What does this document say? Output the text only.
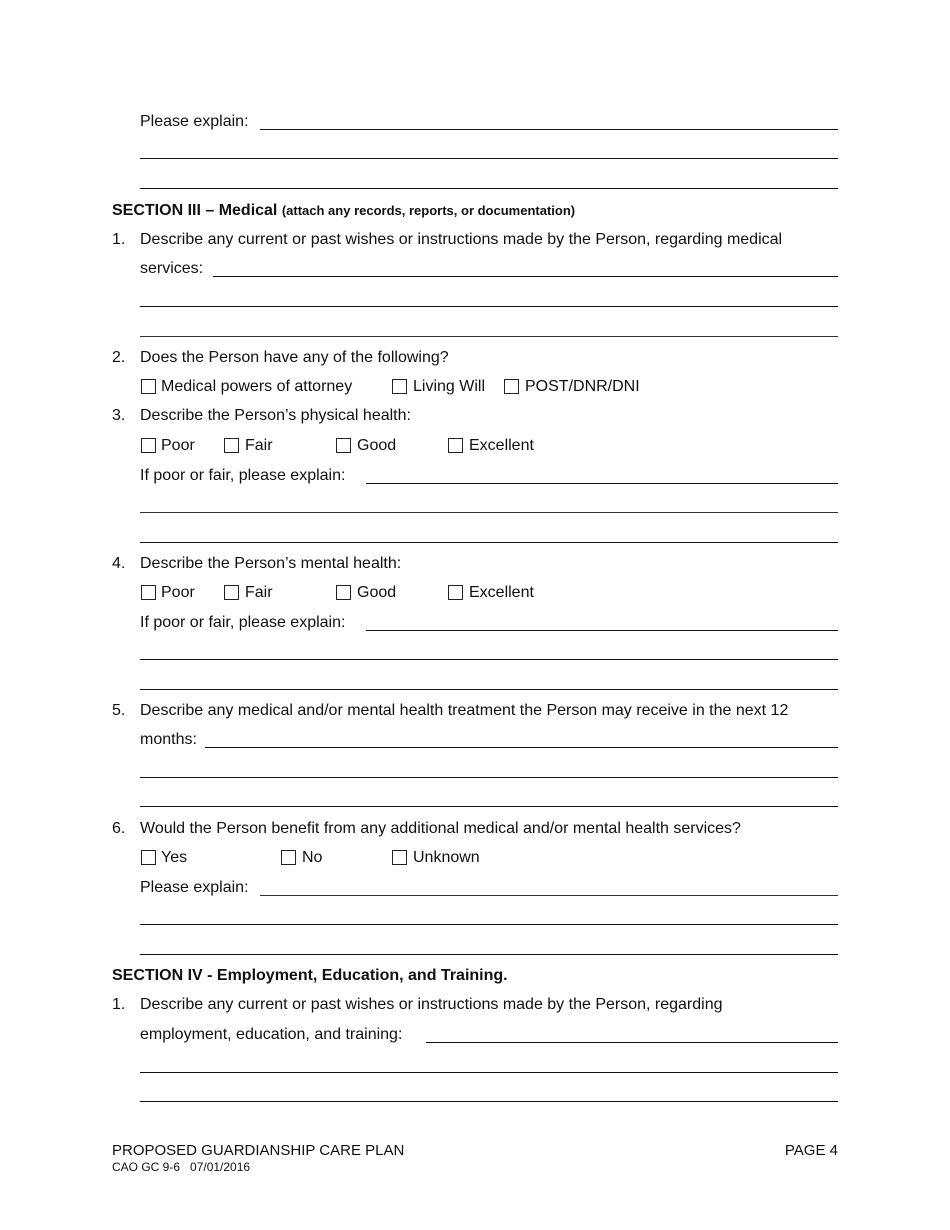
Please explain:
SECTION III – Medical (attach any records, reports, or documentation)
1. Describe any current or past wishes or instructions made by the Person, regarding medical
services:
2. Does the Person have any of the following?
Medical powers of attorney	Living Will POST/DNR/DNI
3. Describe the Person’s physical health:
Poor	Fair	Good	Excellent
If poor or fair, please explain:
4. Describe the Person’s mental health:
Poor	Fair	Good	Excellent
If poor or fair, please explain:
5. Describe any medical and/or mental health treatment the Person may receive in the next 12
months:
6. Would the Person benefit from any additional medical and/or mental health services?
Yes	No	Unknown
Please explain:
SECTION IV - Employment, Education, and Training.
1. Describe any current or past wishes or instructions made by the Person, regarding
employment, education, and training:
PROPOSED GUARDIANSHIP CARE PLAN
CAO GC 9-6   07/01/2016
PAGE 4
